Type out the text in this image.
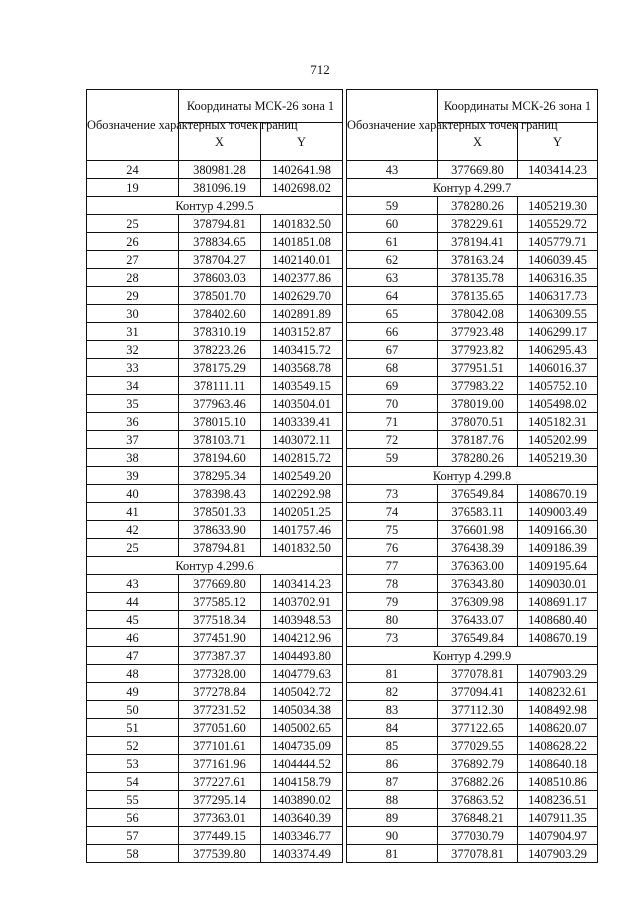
712
Обозначение характерных точек границ	Координаты МСК-26 зона 1	
	X	Y
24	380981.28	1402641.98
19	381096.19	1402698.02
Контур 4.299.5		
25	378794.81	1401832.50
26	378834.65	1401851.08
27	378704.27	1402140.01
28	378603.03	1402377.86
29	378501.70	1402629.70
30	378402.60	1402891.89
31	378310.19	1403152.87
32	378223.26	1403415.72
33	378175.29	1403568.78
34	378111.11	1403549.15
35	377963.46	1403504.01
36	378015.10	1403339.41
37	378103.71	1403072.11
38	378194.60	1402815.72
39	378295.34	1402549.20
40	378398.43	1402292.98
41	378501.33	1402051.25
42	378633.90	1401757.46
25	378794.81	1401832.50
Контур 4.299.6		
43	377669.80	1403414.23
44	377585.12	1403702.91
45	377518.34	1403948.53
46	377451.90	1404212.96
47	377387.37	1404493.80
48	377328.00	1404779.63
49	377278.84	1405042.72
50	377231.52	1405034.38
51	377051.60	1405002.65
52	377101.61	1404735.09
53	377161.96	1404444.52
54	377227.61	1404158.79
55	377295.14	1403890.02
56	377363.01	1403640.39
57	377449.15	1403346.77
58	377539.80	1403374.49
Обозначение характерных точек границ	Координаты МСК-26 зона 1	
	X	Y
43	377669.80	1403414.23
Контур 4.299.7		
59	378280.26	1405219.30
60	378229.61	1405529.72
61	378194.41	1405779.71
62	378163.24	1406039.45
63	378135.78	1406316.35
64	378135.65	1406317.73
65	378042.08	1406309.55
66	377923.48	1406299.17
67	377923.82	1406295.43
68	377951.51	1406016.37
69	377983.22	1405752.10
70	378019.00	1405498.02
71	378070.51	1405182.31
72	378187.76	1405202.99
59	378280.26	1405219.30
Контур 4.299.8		
73	376549.84	1408670.19
74	376583.11	1409003.49
75	376601.98	1409166.30
76	376438.39	1409186.39
77	376363.00	1409195.64
78	376343.80	1409030.01
79	376309.98	1408691.17
80	376433.07	1408680.40
73	376549.84	1408670.19
Контур 4.299.9		
81	377078.81	1407903.29
82	377094.41	1408232.61
83	377112.30	1408492.98
84	377122.65	1408620.07
85	377029.55	1408628.22
86	376892.79	1408640.18
87	376882.26	1408510.86
88	376863.52	1408236.51
89	376848.21	1407911.35
90	377030.79	1407904.97
81	377078.81	1407903.29
